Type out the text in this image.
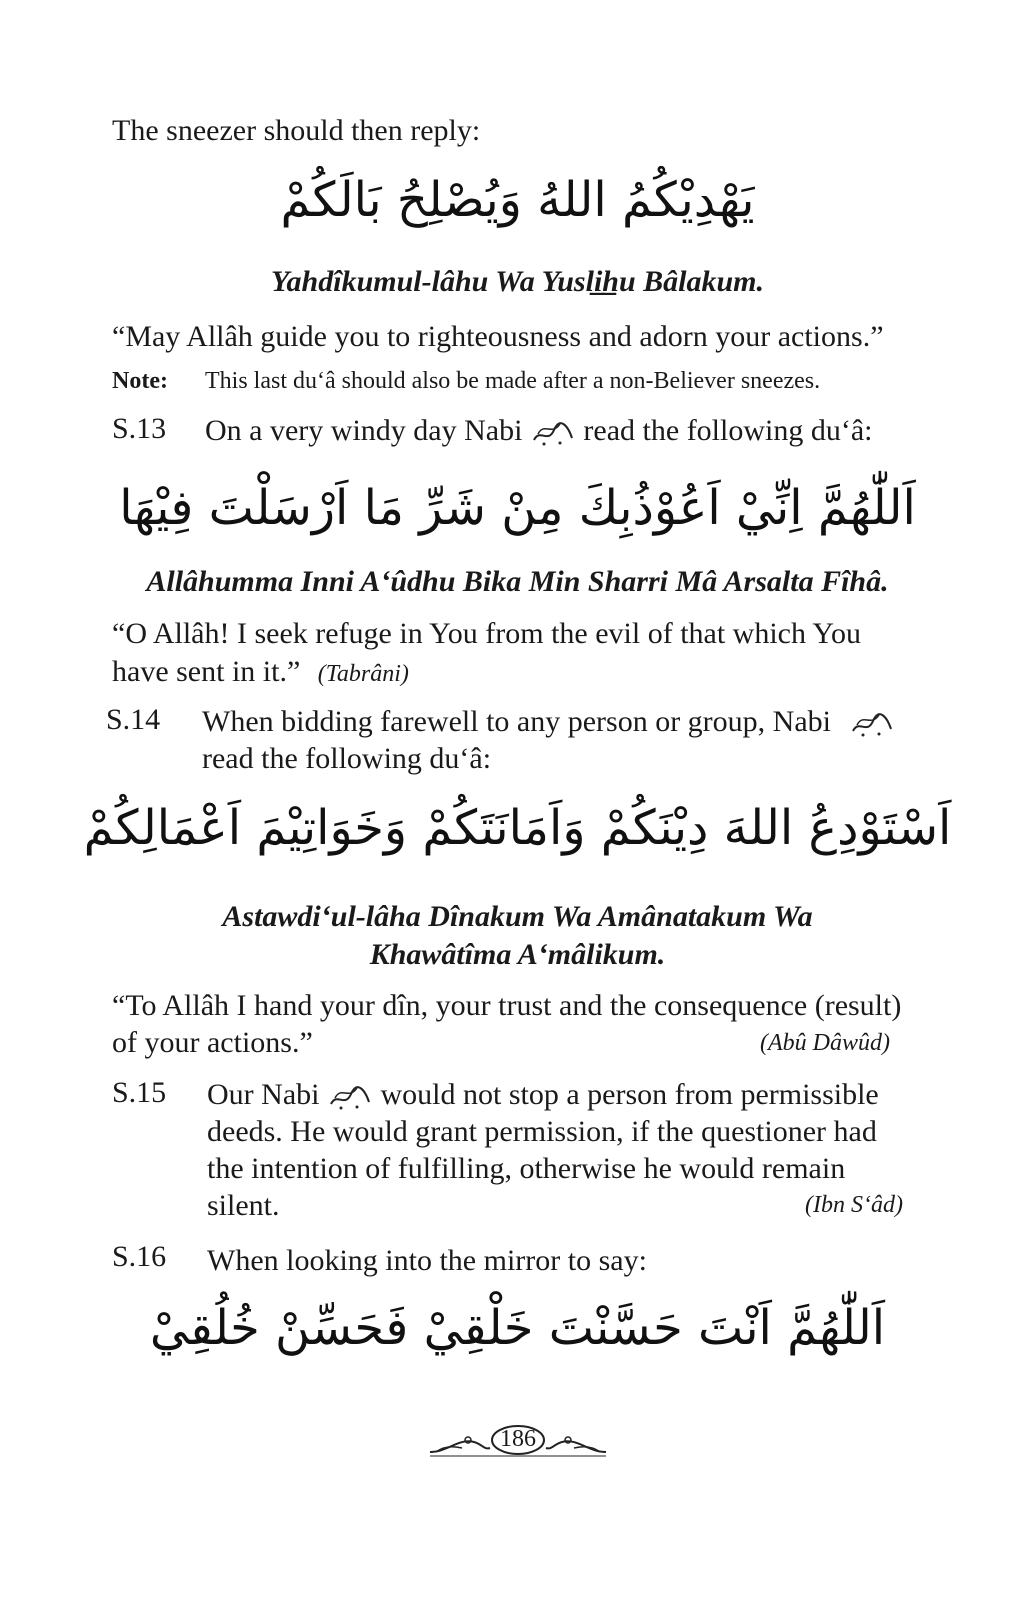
The sneezer should then reply:
يَهْدِيْكُمُ اللهُ وَيُصْلِحُ بَالَكُمْ
Yahdîkumul-lâhu Wa Yusli̲h̲u Bâlakum.
“May Allâh guide you to righteousness and adorn your actions.”
Note: This last du‘â should also be made after a non-Believer sneezes.
S.13 On a very windy day Nabi read the following du‘â:
اَللّٰهُمَّ اِنِّيْ اَعُوْذُبِكَ مِنْ شَرِّ مَا اَرْسَلْتَ فِيْهَا
Allâhumma Inni A‘ûdhu Bika Min Sharri Mâ Arsalta Fîhâ.
“O Allâh! I seek refuge in You from the evil of that which You
have sent in it.” (Tabrâni)
S.14 When bidding farewell to any person or group, Nabi
read the following du‘â:
اَسْتَوْدِعُ اللهَ دِيْنَكُمْ وَاَمَانَتَكُمْ وَخَوَاتِيْمَ اَعْمَالِكُمْ
Astawdi‘ul-lâha Dînakum Wa Amânatakum Wa
Khawâtîma A‘mâlikum.
“To Allâh I hand your dîn, your trust and the consequence (result)
of your actions.”	(Abû Dâwûd)
S.15 Our Nabi would not stop a person from permissible
deeds. He would grant permission, if the questioner had
the intention of fulfilling, otherwise he would remain
silent.	(Ibn S‘âd)
S.16 When looking into the mirror to say:
اَللّٰهُمَّ اَنْتَ حَسَّنْتَ خَلْقِيْ فَحَسِّنْ خُلُقِيْ
186
